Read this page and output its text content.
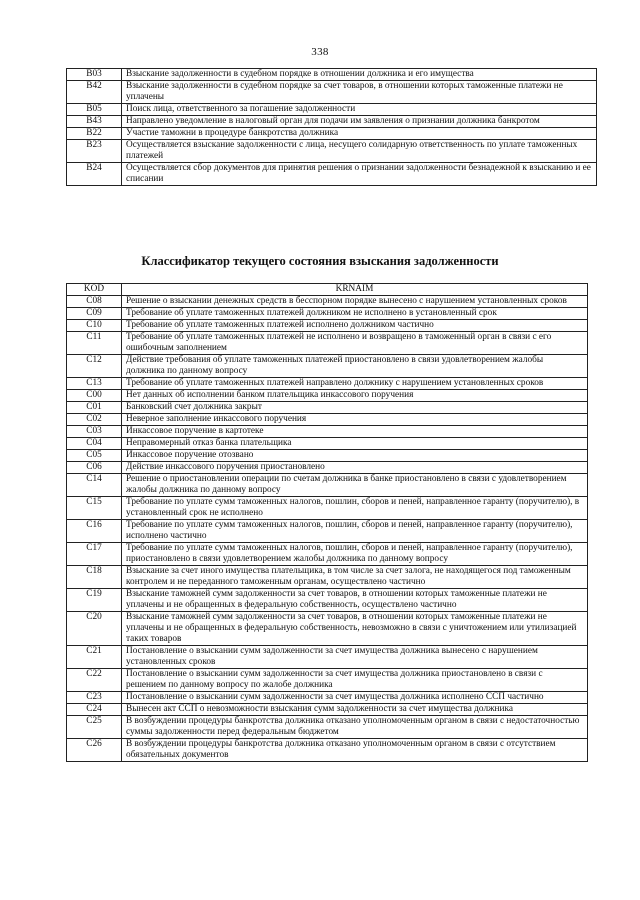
338
B03	Взыскание задолженности в судебном порядке в отношении должника и его имущества
B42	Взыскание задолженности в судебном порядке за счет товаров, в отношении которых таможенные платежи не уплачены
B05	Поиск лица, ответственного за погашение задолженности
B43	Направлено уведомление в налоговый орган для подачи им заявления о признании должника банкротом
B22	Участие таможни в процедуре банкротства должника
B23	Осуществляется взыскание задолженности с лица, несущего солидарную ответственность по уплате таможенных платежей
B24	Осуществляется сбор документов для принятия решения о признании задолженности безнадежной к взысканию и ее списании
Классификатор текущего состояния взыскания задолженности
KOD	KRNAIM
C08	Решение о взыскании денежных средств в бесспорном порядке вынесено с нарушением установленных сроков
C09	Требование об уплате таможенных платежей должником не исполнено в установленный срок
C10	Требование об уплате таможенных платежей исполнено должником частично
C11	Требование об уплате таможенных платежей не исполнено и возвращено в таможенный орган в связи с его ошибочным заполнением
C12	Действие требования об уплате таможенных платежей приостановлено в связи удовлетворением жалобы должника по данному вопросу
C13	Требование об уплате таможенных платежей направлено должнику с нарушением установленных сроков
C00	Нет данных об исполнении банком плательщика инкассового поручения
C01	Банковский счет должника закрыт
C02	Неверное заполнение инкассового поручения
C03	Инкассовое поручение в картотеке
C04	Неправомерный отказ банка плательщика
C05	Инкассовое поручение отозвано
C06	Действие инкассового поручения приостановлено
C14	Решение о приостановлении операции по счетам должника в банке приостановлено в связи с удовлетворением жалобы должника по данному вопросу
C15	Требование по уплате сумм таможенных налогов, пошлин, сборов и пеней, направленное гаранту (поручителю), в установленный срок не исполнено
C16	Требование по уплате сумм таможенных налогов, пошлин, сборов и пеней, направленное гаранту (поручителю), исполнено частично
C17	Требование по уплате сумм таможенных налогов, пошлин, сборов и пеней, направленное гаранту (поручителю), приостановлено в связи удовлетворением жалобы должника по данному вопросу
C18	Взыскание за счет иного имущества плательщика, в том числе за счет залога, не находящегося под таможенным контролем и не переданного таможенным органам, осуществлено частично
C19	Взыскание таможней сумм задолженности за счет товаров, в отношении которых таможенные платежи не уплачены и не обращенных в федеральную собственность, осуществлено частично
C20	Взыскание таможней сумм задолженности за счет товаров, в отношении которых таможенные платежи не уплачены и не обращенных в федеральную собственность, невозможно в связи с уничтожением или утилизацией таких товаров
C21	Постановление о взыскании сумм задолженности за счет имущества должника вынесено с нарушением установленных сроков
C22	Постановление о взыскании сумм задолженности за счет имущества должника приостановлено в связи с решением по данному вопросу по жалобе должника
C23	Постановление о взыскании сумм задолженности за счет имущества должника исполнено ССП частично
C24	Вынесен акт ССП о невозможности взыскания сумм задолженности за счет имущества должника
C25	В возбуждении процедуры банкротства должника отказано уполномоченным органом в связи с недостаточностью суммы задолженности перед федеральным бюджетом
C26	В возбуждении процедуры банкротства должника отказано уполномоченным органом в связи с отсутствием обязательных документов
